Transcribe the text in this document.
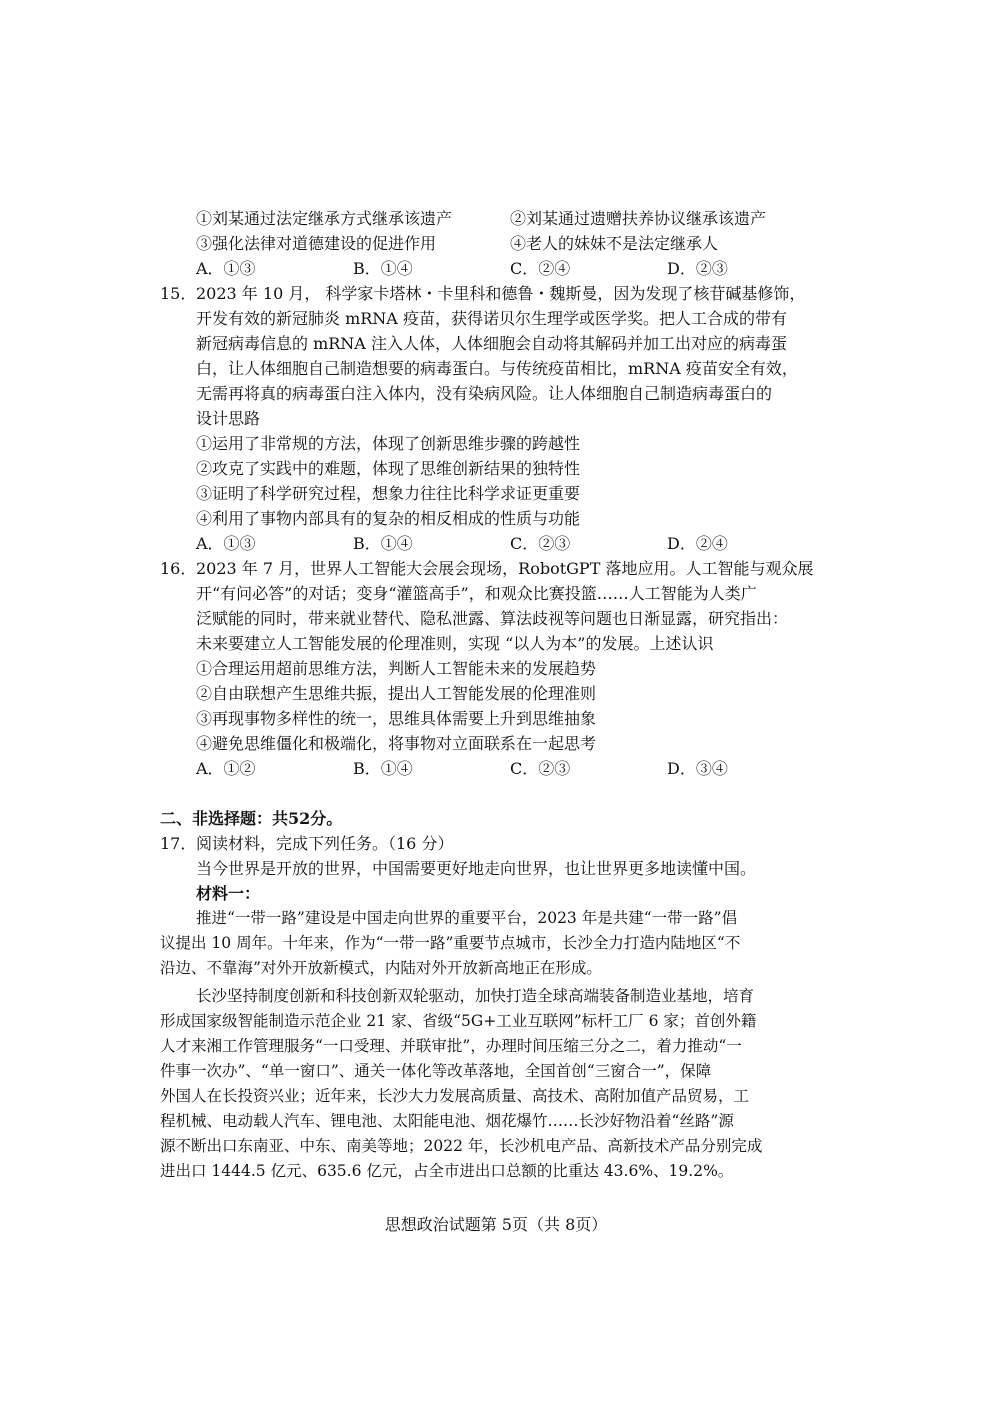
①刘某通过法定继承方式继承该遗产	②刘某通过遗赠扶养协议继承该遗产
③强化法律对道德建设的促进作用	④老人的妹妹不是法定继承人
A．①③	B．①④	C．②④	D．②③
15． 2023 年 10 月， 科学家卡塔林・卡里科和德鲁・魏斯曼，因为发现了核苷碱基修饰，
开发有效的新冠肺炎 mRNA 疫苗，获得诺贝尔生理学或医学奖。把人工合成的带有
新冠病毒信息的 mRNA 注入人体，人体细胞会自动将其解码并加工出对应的病毒蛋
白，让人体细胞自己制造想要的病毒蛋白。与传统疫苗相比，mRNA 疫苗安全有效，
无需再将真的病毒蛋白注入体内，没有染病风险。让人体细胞自己制造病毒蛋白的
设计思路
①运用了非常规的方法，体现了创新思维步骤的跨越性
②攻克了实践中的难题，体现了思维创新结果的独特性
③证明了科学研究过程，想象力往往比科学求证更重要
④利用了事物内部具有的复杂的相反相成的性质与功能
A．①③	B．①④	C．②③	D．②④
16． 2023 年 7 月，世界人工智能大会展会现场，RobotGPT 落地应用。人工智能与观众展
开“有问必答”的对话；变身“灌篮高手”，和观众比赛投篮……人工智能为人类广
泛赋能的同时，带来就业替代、隐私泄露、算法歧视等问题也日渐显露，研究指出：
未来要建立人工智能发展的伦理准则，实现 “以人为本”的发展。上述认识
①合理运用超前思维方法，判断人工智能未来的发展趋势
②自由联想产生思维共振，提出人工智能发展的伦理准则
③再现事物多样性的统一，思维具体需要上升到思维抽象
④避免思维僵化和极端化，将事物对立面联系在一起思考
A．①②	B．①④	C．②③	D．③④
二、非选择题：共52分。
17． 阅读材料，完成下列任务。（16 分）
当今世界是开放的世界，中国需要更好地走向世界，也让世界更多地读懂中国。
材料一：
推进“一带一路”建设是中国走向世界的重要平台，2023 年是共建“一带一路”倡
议提出 10 周年。十年来，作为“一带一路”重要节点城市，长沙全力打造内陆地区“不
沿边、不靠海”对外开放新模式，内陆对外开放新高地正在形成。
长沙坚持制度创新和科技创新双轮驱动，加快打造全球高端装备制造业基地，培育
形成国家级智能制造示范企业 21 家、省级“5G+工业互联网”标杆工厂 6 家；首创外籍
人才来湘工作管理服务“一口受理、并联审批”，办理时间压缩三分之二，着力推动“一
件事一次办”、“单一窗口”、通关一体化等改革落地，全国首创“三窗合一”，保障
外国人在长投资兴业；近年来，长沙大力发展高质量、高技术、高附加值产品贸易，工
程机械、电动载人汽车、锂电池、太阳能电池、烟花爆竹……长沙好物沿着“丝路”源
源不断出口东南亚、中东、南美等地；2022 年，长沙机电产品、高新技术产品分别完成
进出口 1444.5 亿元、635.6 亿元，占全市进出口总额的比重达 43.6%、19.2%。
思想政治试题第 5页（共 8页）
